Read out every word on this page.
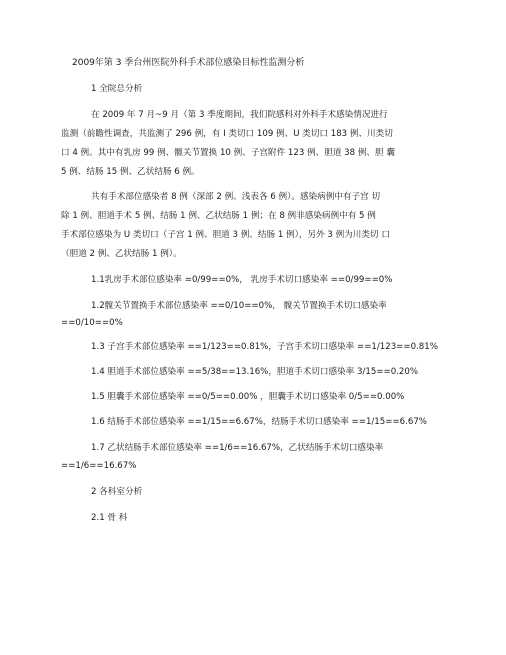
2009年第 3 季台州医院外科手术部位感染目标性监测分析
1 全院总分析
在 2009 年 7 月~9 月（第 3 季度期间，我们院感科对外科手术感染情况进行
监测（前瞻性调查，共监测了 296 例，有 I 类切口 109 例、U 类切口 183 例、川类切
口 4 例。其中有乳房 99 例、髋关节置换 10 例、子宫附件 123 例、胆道 38 例、胆 囊
5 例、结肠 15 例、乙状结肠 6 例。
共有手术部位感染者 8 例（深部 2 例、浅表各 6 例）。感染病例中有子宫 切
除 1 例、胆道手术 5 例、结肠 1 例、乙状结肠 1 例；在 8 例非感染病例中有 5 例
手术部位感染为 U 类切口（子宫 1 例、胆道 3 例、结肠 1 例），另外 3 例为川类切 口
（胆道 2 例、乙状结肠 1 例）。
1.1乳房手术部位感染率 =0/99==0%， 乳房手术切口感染率 ==0/99==0%
1.2髋关节置换手术部位感染率 ==0/10==0%， 髋关节置换手术切口感染率
==0/10==0%
1.3 子宫手术部位感染率 ==1/123==0.81%，子宫手术切口感染率 ==1/123==0.81%
1.4 胆道手术部位感染率 ==5/38==13.16%，胆道手术切口感染率 3/15==0.20%
1.5 胆囊手术部位感染率 ==0/5==0.00% ，胆囊手术切口感染率 0/5==0.00%
1.6 结肠手术部位感染率 ==1/15==6.67%，结肠手术切口感染率 ==1/15==6.67%
1.7 乙状结肠手术部位感染率 ==1/6==16.67%，乙状结肠手术切口感染率
==1/6==16.67%
2 各科室分析
2.1 骨 科
